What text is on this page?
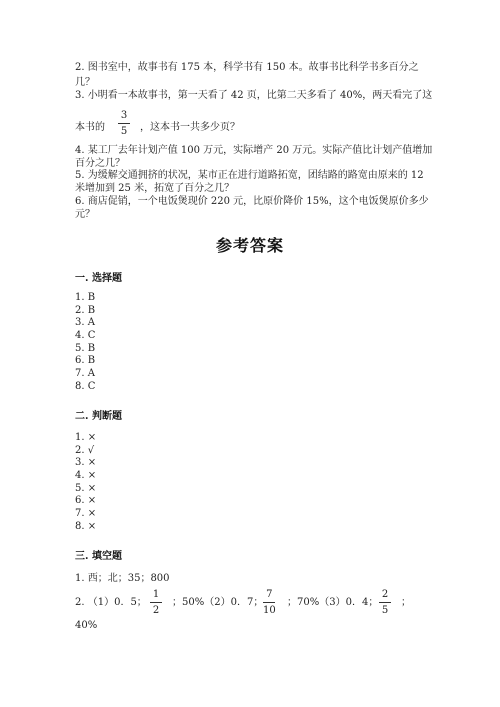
2. 图书室中，故事书有 175 本，科学书有 150 本。故事书比科学书多百分之
几？
3. 小明看一本故事书，第一天看了 42 页，比第二天多看了 40%，两天看完了这
本书的
3
5 ，这本书一共多少页？
4. 某工厂去年计划产值 100 万元，实际增产 20 万元。实际产值比计划产值增加
百分之几？
5. 为缓解交通拥挤的状况，某市正在进行道路拓宽，团结路的路宽由原来的 12
米增加到 25 米，拓宽了百分之几？
6. 商店促销，一个电饭煲现价 220 元，比原价降价 15%，这个电饭煲原价多少
元？
参考答案
一. 选择题
1. B
2. B
3. A
4. C
5. B
6. B
7. A
8. C
二. 判断题
1. ×
2. √
3. ×
4. ×
5. ×
6. ×
7. ×
8. ×
三. 填空题
1. 西；北；35；800
2. （1）0．5；
1
2
；50%（2）0．7；
7
10
；70%（3）0．4；
2
5
；
40%
